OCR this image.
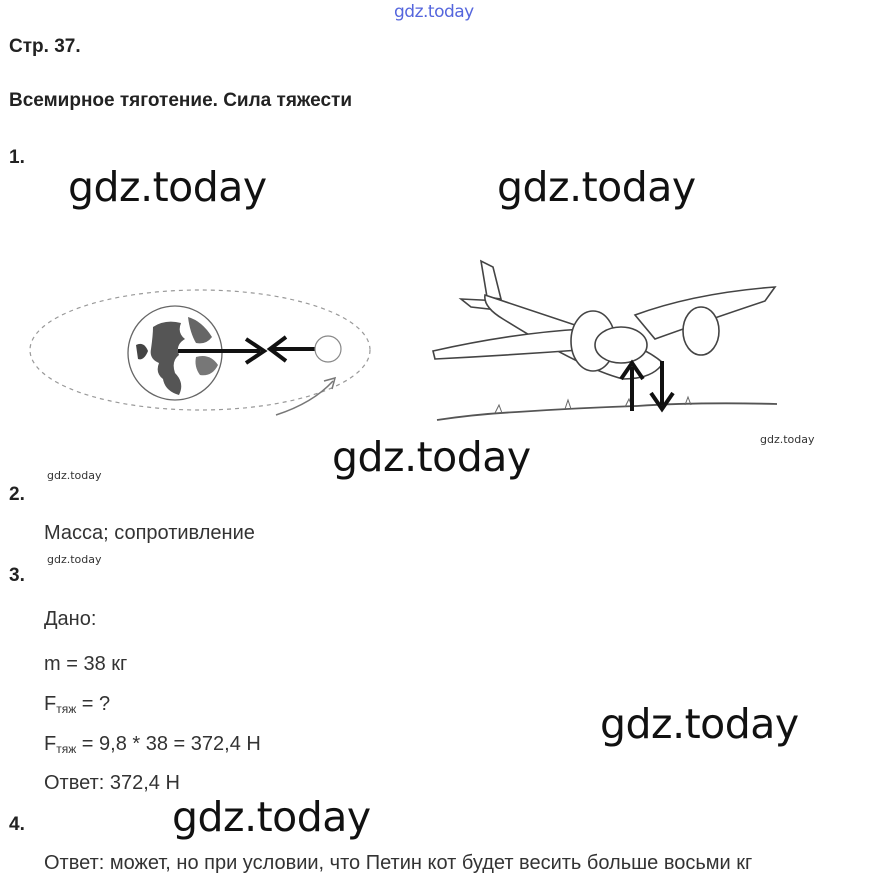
gdz.today
Стр. 37.
Всемирное тяготение. Сила тяжести
1.
gdz.today	gdz.today
gdz.today
gdz.today
gdz.today
2.
Масса; сопротивление
gdz.today
3.
Дано:
m = 38 кг
$F_{тяж}$ = ?	gdz.today
$F_{тяж} = 9,8 * 38 = 372,4$ Н
Ответ: 372,4 Н
gdz.today
4.
Ответ: может, но при условии, что Петин кот будет весить больше восьми кг
